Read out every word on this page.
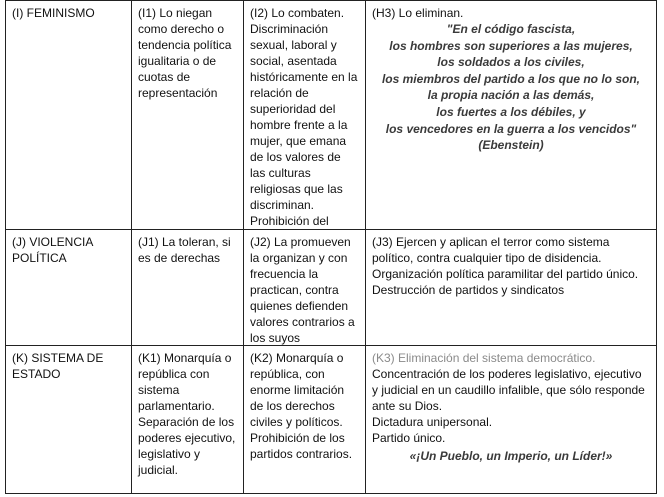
(I) FEMINISMO	(I1) Lo niegan como derecho o tendencia política igualitaria o de cuotas de representación
(I2) Lo combaten. Discriminación sexual, laboral y social, asentada históricamente en la relación de superioridad del hombre frente a la mujer, que emana de los valores de las culturas religiosas que las discriminan. Prohibición del
(H3) Lo eliminan.
"En el código fascista,
los hombres son superiores a las mujeres,
los soldados a los civiles,
los miembros del partido a los que no lo son,
la propia nación a las demás,
los fuertes a los débiles, y
los vencedores en la guerra a los vencidos"
(Ebenstein)
(J) VIOLENCIA POLÍTICA
(J1) La toleran, si es de derechas
(J2) La promueven la organizan y con frecuencia la practican, contra quienes defienden valores contrarios a los suyos
(J3) Ejercen y aplican el terror como sistema político, contra cualquier tipo de disidencia.
Organización política paramilitar del partido único.
Destrucción de partidos y sindicatos
(K) SISTEMA DE ESTADO
(K1) Monarquía o república con sistema parlamentario. Separación de los poderes ejecutivo, legislativo y judicial.
(K2) Monarquía o república, con enorme limitación de los derechos civiles y políticos. Prohibición de los partidos contrarios.
(K3) Eliminación del sistema democrático.
Concentración de los poderes legislativo, ejecutivo y judicial en un caudillo infalible, que sólo responde ante su Dios.
Dictadura unipersonal.
Partido único.
«¡Un Pueblo, un Imperio, un Líder!»
